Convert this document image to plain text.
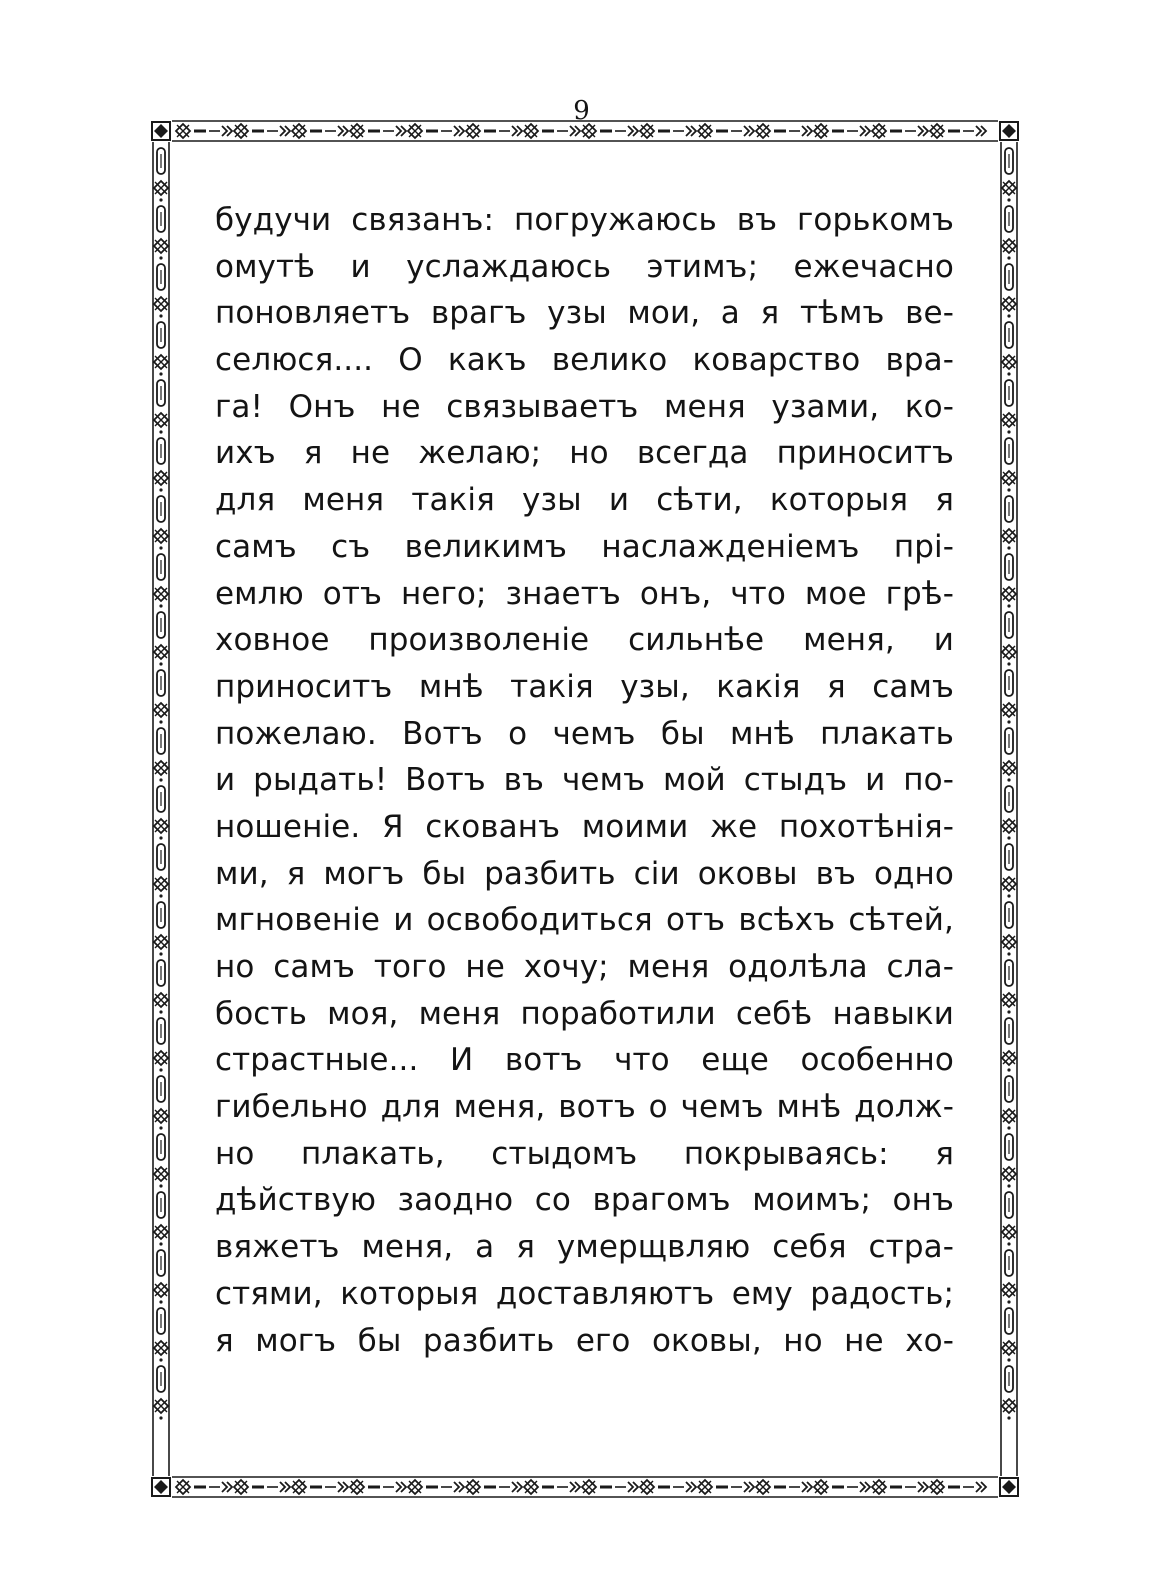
9
будучи связанъ: погружаюсь въ горькомъ
омутѣ и услаждаюсь этимъ; ежечасно
поновляетъ врагъ узы мои, а я тѣмъ ве-
селюся.... О какъ велико коварство вра-
га! Онъ не связываетъ меня узами, ко-
ихъ я не желаю; но всегда приноситъ
для меня такія узы и сѣти, которыя я
самъ съ великимъ наслажденіемъ прі-
емлю отъ него; знаетъ онъ, что мое грѣ-
ховное произволеніе сильнѣе меня, и
приноситъ мнѣ такія узы, какія я самъ
пожелаю. Вотъ о чемъ бы мнѣ плакать
и рыдать! Вотъ въ чемъ мой стыдъ и по-
ношеніе. Я скованъ моими же похотѣнія-
ми, я могъ бы разбить сіи оковы въ одно
мгновеніе и освободиться отъ всѣхъ сѣтей,
но самъ того не хочу; меня одолѣла сла-
бость моя, меня поработили себѣ навыки
страстные... И вотъ что еще особенно
гибельно для меня, вотъ о чемъ мнѣ долж-
но плакать, стыдомъ покрываясь: я
дѣйствую заодно со врагомъ моимъ; онъ
вяжетъ меня, а я умерщвляю себя стра-
стями, которыя доставляютъ ему радость;
я могъ бы разбить его оковы, но не хо-
